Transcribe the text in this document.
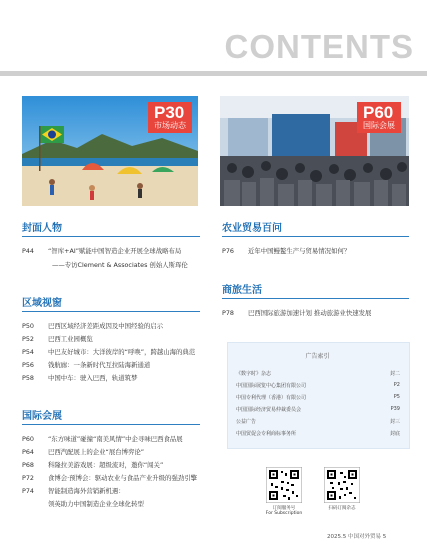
CONTENTS
P30
市场动态
P60
国际会展
封面人物
P44 “智库+AI”赋能中国智造企业开展全球战略布局
——专访Clement & Associates 创始人斯珲伦
区域视窗
P50 巴西区域经济差距成因及中国经验的启示
P52 巴西工业园概览
P54 中巴友好城市：大洋彼岸的“呼唤”，跨越山海的典范
P56 钱航廊：一条新时代互拉陆海新通道
P58 中国中车：驶入巴西，轨道筑梦
国际会展
P60 “东方味道”碰撞“南美风情”中企寻味巴西食品展
P64 巴西汽配展上的企业“展台博弈论”
P68 科隆拉美游戏展：超级流对，邀你“闯关”
P72 食博会·预博会：驱动农业与食品产业升级的强劲引擎
P74 智能制造海外营销新机遇：
领英助力中国制造企业全球化转型
农业贸易百问
P76 近年中国鳗鳘生产与贸易情况如何？
商旅生活
P78 巴西国际旅游加速计划 推动旅游业快速发展
广告索引
《数字时》杂志	封二
中国国际展览中心集团有限公司	P2
中国专利代理（香港）有限公司	P5
中国国际经济贸易仲裁委员会	P39
公益广告	封三
中国贸促会专利商标事务所	封底
订阅服务号
For Subscription
扫码订阅杂志
2025.5 中国对外贸易 5
